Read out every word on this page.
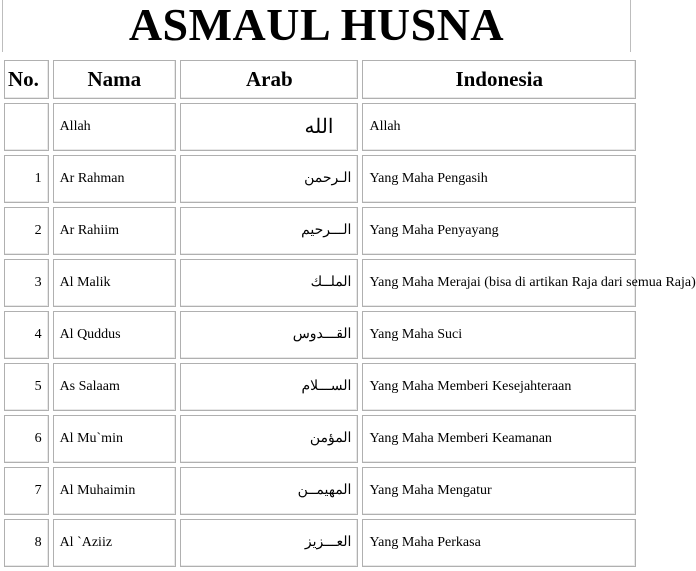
ASMAUL HUSNA
No.	Nama	Arab	Indonesia
	Allah	الله	Allah
1	Ar Rahman	الـرحمن	Yang Maha Pengasih
2	Ar Rahiim	الـــرحيم	Yang Maha Penyayang
3	Al Malik	الملــك	Yang Maha Merajai (bisa di artikan Raja dari semua Raja)
4	Al Quddus	القـــدوس	Yang Maha Suci
5	As Salaam	الســـلام	Yang Maha Memberi Kesejahteraan
6	Al Mu`min	المؤمن	Yang Maha Memberi Keamanan
7	Al Muhaimin	المهيمــن	Yang Maha Mengatur
8	Al `Aziiz	العـــزيز	Yang Maha Perkasa
